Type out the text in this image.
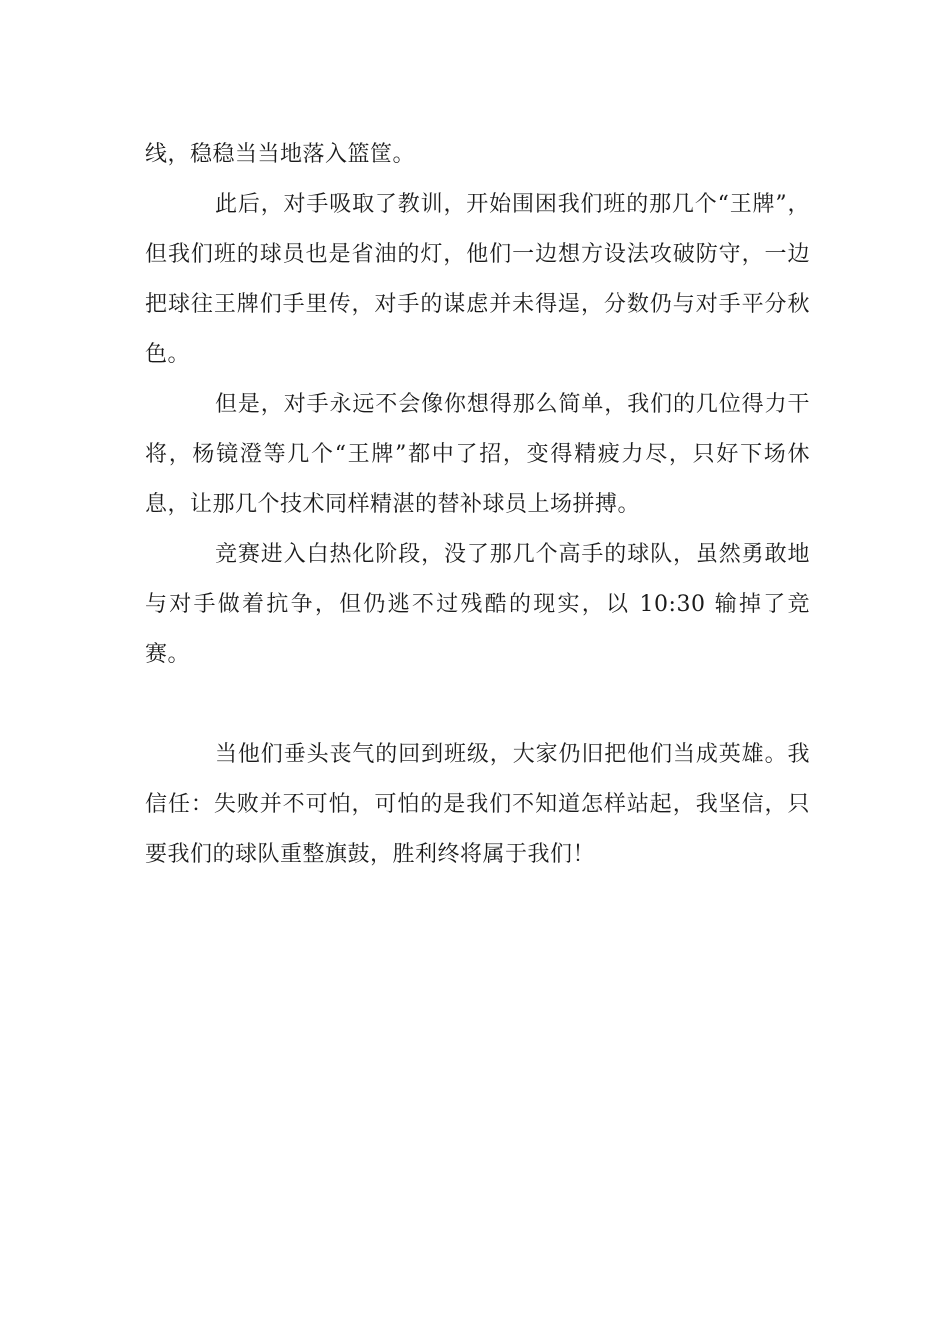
线，稳稳当当地落入篮筐。

此后，对手吸取了教训，开始围困我们班的那几个“王牌”，但我们班的球员也是省油的灯，他们一边想方设法攻破防守，一边把球往王牌们手里传，对手的谋虑并未得逞，分数仍与对手平分秋色。

但是，对手永远不会像你想得那么简单，我们的几位得力干将，杨镜澄等几个“王牌”都中了招，变得精疲力尽，只好下场休息，让那几个技术同样精湛的替补球员上场拼搏。

竞赛进入白热化阶段，没了那几个高手的球队，虽然勇敢地与对手做着抗争，但仍逃不过残酷的现实，以 10:30 输掉了竞赛。

当他们垂头丧气的回到班级，大家仍旧把他们当成英雄。我信任：失败并不可怕，可怕的是我们不知道怎样站起，我坚信，只要我们的球队重整旗鼓，胜利终将属于我们！
